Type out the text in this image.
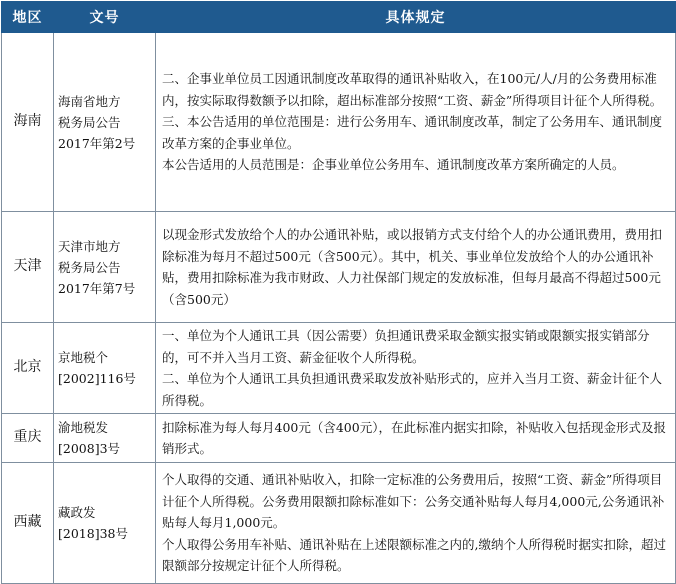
地区	文号	具体规定
海南	海南省地方
税务局公告
2017年第2号	二、企事业单位员工因通讯制度改革取得的通讯补贴收入，在100元/人/月的公务费用标准内，按实际取得数额予以扣除，超出标准部分按照“工资、薪金”所得项目计征个人所得税。
三、本公告适用的单位范围是：进行公务用车、通讯制度改革，制定了公务用车、通讯制度改革方案的企事业单位。
本公告适用的人员范围是：企事业单位公务用车、通讯制度改革方案所确定的人员。

天津	天津市地方
税务局公告
2017年第7号	以现金形式发放给个人的办公通讯补贴，或以报销方式支付给个人的办公通讯费用，费用扣除标准为每月不超过500元（含500元）。其中，机关、事业单位发放给个人的办公通讯补贴，费用扣除标准为我市财政、人力社保部门规定的发放标准，但每月最高不得超过500元（含500元）

北京	京地税个
[2002]116号	一、单位为个人通讯工具（因公需要）负担通讯费采取金额实报实销或限额实报实销部分的，可不并入当月工资、薪金征收个人所得税。
二、单位为个人通讯工具负担通讯费采取发放补贴形式的，应并入当月工资、薪金计征个人所得税。

重庆	渝地税发
[2008]3号	扣除标准为每人每月400元（含400元），在此标准内据实扣除，补贴收入包括现金形式及报销形式。

西藏	藏政发
[2018]38号	个人取得的交通、通讯补贴收入，扣除一定标准的公务费用后，按照“工资、薪金”所得项目计征个人所得税。公务费用限额扣除标准如下：公务交通补贴每人每月4,000元,公务通讯补贴每人每月1,000元。
个人取得公务用车补贴、通讯补贴在上述限额标准之内的,缴纳个人所得税时据实扣除，超过限额部分按规定计征个人所得税。
